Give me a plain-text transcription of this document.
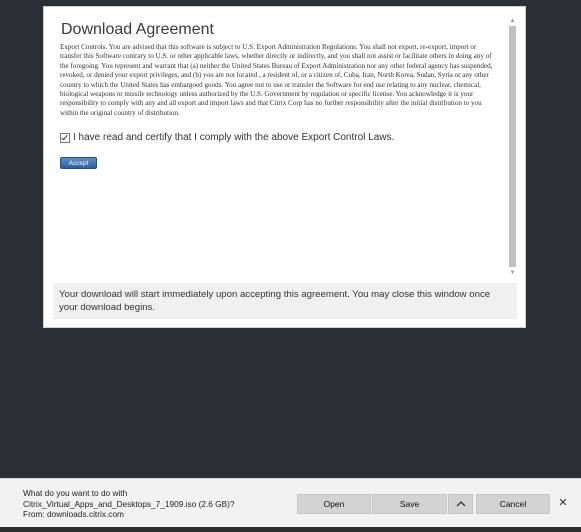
Download Agreement
Export Controls. You are advised that this software is subject to U.S. Export Administration Regulations. You shall not export, re-export, import or transfer this Software contrary to U.S. or other applicable laws, whether directly or indirectly, and you shall not assist or facilitate others in doing any of the foregoing. You represent and warrant that (a) neither the United States Bureau of Export Administration nor any other federal agency has suspended, revoked, or denied your export privileges, and (b) you are not located , a resident of, or a citizen of, Cuba, Iran, North Korea, Sudan, Syria or any other country to which the United States has embargoed goods. You agree not to use or transfer the Software for end use relating to any nuclear, chemical, biological weapons or missile technology unless authorized by the U.S. Government by regulation or specific license. You acknowledge it is your responsibility to comply with any and all export and import laws and that Citrix Corp has no further responsibility after the initial distribution to you within the original country of distribution.
I have read and certify that I comply with the above Export Control Laws.
Accept
▲
▼
Your download will start immediately upon accepting this agreement. You may close this window once your download begins.
What do you want to do with
Citrix_Virtual_Apps_and_Desktops_7_1909.iso (2.6 GB)?
From: downloads.citrix.com
Open	Save	Cancel	✕
